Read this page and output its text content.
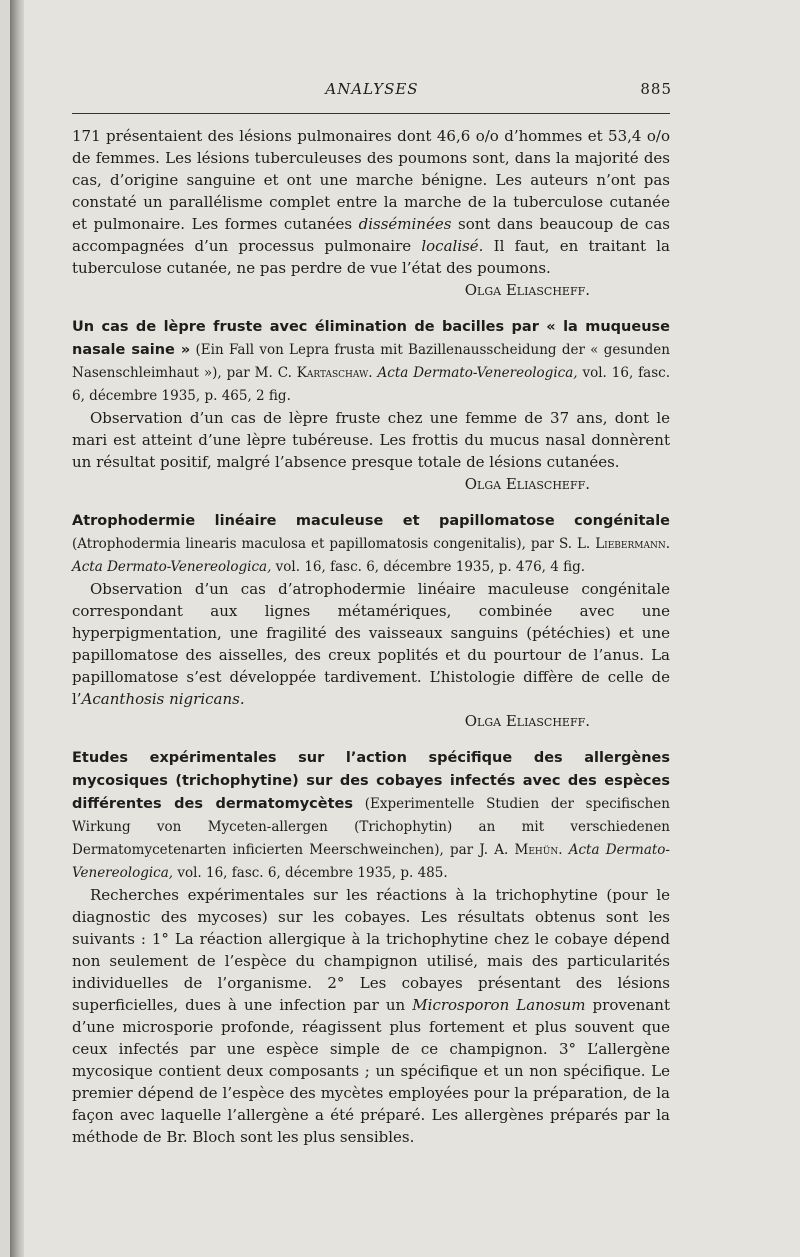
ANALYSES	885

171 présentaient des lésions pulmonaires dont 46,6 o/o d’hommes et 53,4 o/o de femmes. Les lésions tuberculeuses des poumons sont, dans la majorité des cas, d’origine sanguine et ont une marche bénigne. Les auteurs n’ont pas constaté un parallélisme complet entre la marche de la tuberculose cutanée et pulmonaire. Les formes cutanées disséminées sont dans beaucoup de cas accompagnées d’un processus pulmonaire localisé. Il faut, en traitant la tuberculose cutanée, ne pas perdre de vue l’état des poumons.

Olga Eliascheff.

Un cas de lèpre fruste avec élimination de bacilles par « la muqueuse nasale saine » (Ein Fall von Lepra frusta mit Bazillenausscheidung der « gesunden Nasenschleimhaut »), par M. C. Kartaschaw. Acta Dermato-Venereologica, vol. 16, fasc. 6, décembre 1935, p. 465, 2 fig.

Observation d’un cas de lèpre fruste chez une femme de 37 ans, dont le mari est atteint d’une lèpre tubéreuse. Les frottis du mucus nasal donnèrent un résultat positif, malgré l’absence presque totale de lésions cutanées.

Olga Eliascheff.

Atrophodermie linéaire maculeuse et papillomatose congénitale (Atrophodermia linearis maculosa et papillomatosis congenitalis), par S. L. Liebermann. Acta Dermato-Venereologica, vol. 16, fasc. 6, décembre 1935, p. 476, 4 fig.

Observation d’un cas d’atrophodermie linéaire maculeuse congénitale correspondant aux lignes métamériques, combinée avec une hyperpigmentation, une fragilité des vaisseaux sanguins (pétéchies) et une papillomatose des aisselles, des creux poplités et du pourtour de l’anus. La papillomatose s’est développée tardivement. L’histologie diffère de celle de l’Acanthosis nigricans.

Olga Eliascheff.

Etudes expérimentales sur l’action spécifique des allergènes mycosiques (trichophytine) sur des cobayes infectés avec des espèces différentes des dermatomycètes (Experimentelle Studien der specifischen Wirkung von Myceten-allergen (Trichophytin) an mit verschiedenen Dermatomycetenarten inficierten Meerschweinchen), par J. A. Mehün. Acta Dermato-Venereologica, vol. 16, fasc. 6, décembre 1935, p. 485.

Recherches expérimentales sur les réactions à la trichophytine (pour le diagnostic des mycoses) sur les cobayes. Les résultats obtenus sont les suivants : 1° La réaction allergique à la trichophytine chez le cobaye dépend non seulement de l’espèce du champignon utilisé, mais des particularités individuelles de l’organisme. 2° Les cobayes présentant des lésions superficielles, dues à une infection par un Microsporon Lanosum provenant d’une microsporie profonde, réagissent plus fortement et plus souvent que ceux infectés par une espèce simple de ce champignon. 3° L’allergène mycosique contient deux composants ; un spécifique et un non spécifique. Le premier dépend de l’espèce des mycètes employées pour la préparation, de la façon avec laquelle l’allergène a été préparé. Les allergènes préparés par la méthode de Br. Bloch sont les plus sensibles.
